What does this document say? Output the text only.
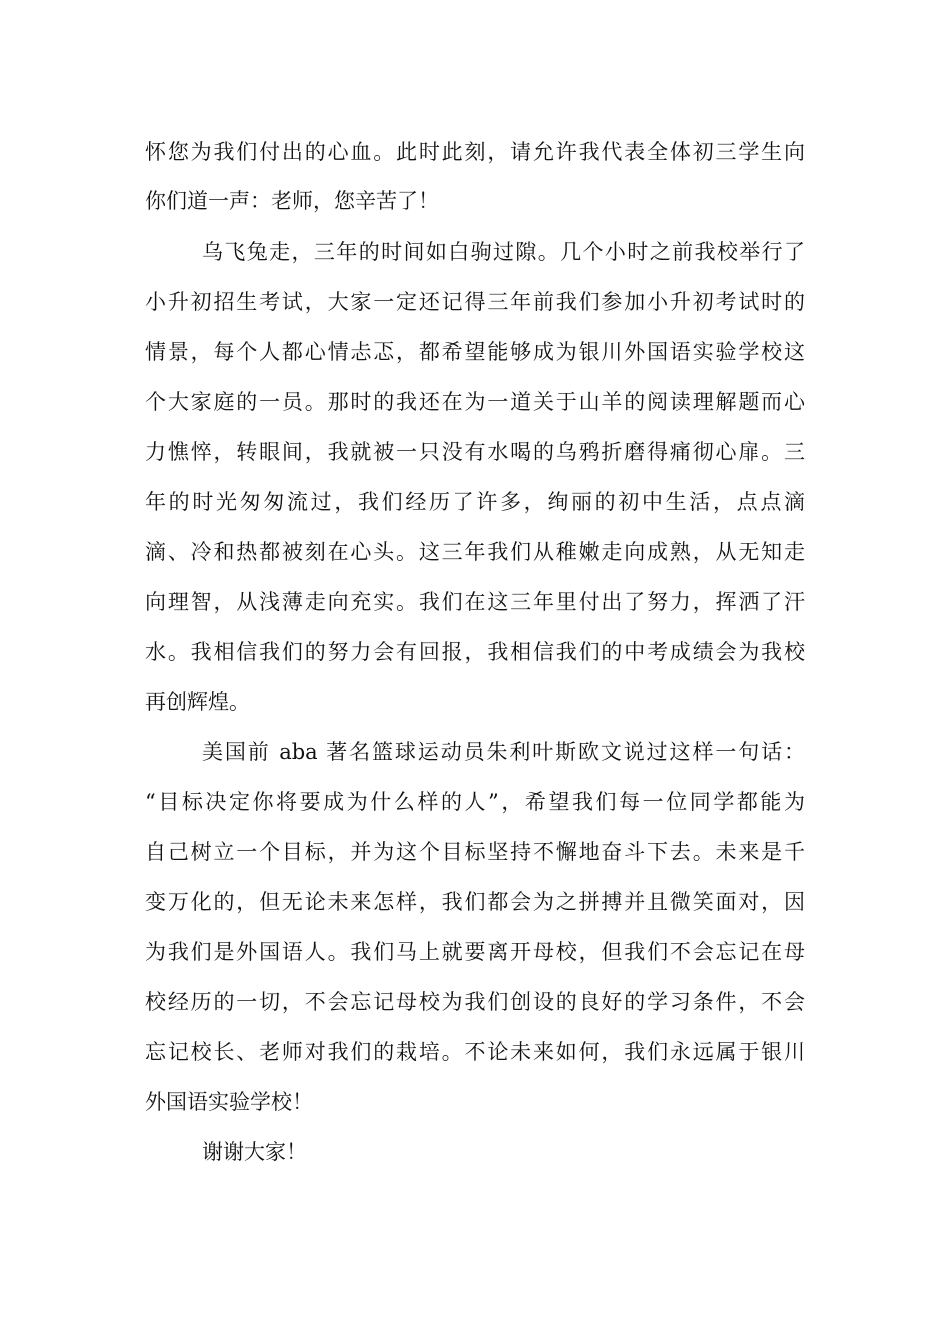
怀您为我们付出的心血。此时此刻，请允许我代表全体初三学生向
你们道一声：老师，您辛苦了！
乌飞兔走，三年的时间如白驹过隙。几个小时之前我校举行了
小升初招生考试，大家一定还记得三年前我们参加小升初考试时的
情景，每个人都心情忐忑，都希望能够成为银川外国语实验学校这
个大家庭的一员。那时的我还在为一道关于山羊的阅读理解题而心
力憔悴，转眼间，我就被一只没有水喝的乌鸦折磨得痛彻心扉。三
年的时光匆匆流过，我们经历了许多，绚丽的初中生活，点点滴
滴、冷和热都被刻在心头。这三年我们从稚嫩走向成熟，从无知走
向理智，从浅薄走向充实。我们在这三年里付出了努力，挥洒了汗
水。我相信我们的努力会有回报，我相信我们的中考成绩会为我校
再创辉煌。
美国前 aba 著名篮球运动员朱利叶斯欧文说过这样一句话：
“目标决定你将要成为什么样的人”，希望我们每一位同学都能为
自己树立一个目标，并为这个目标坚持不懈地奋斗下去。未来是千
变万化的，但无论未来怎样，我们都会为之拼搏并且微笑面对，因
为我们是外国语人。我们马上就要离开母校，但我们不会忘记在母
校经历的一切，不会忘记母校为我们创设的良好的学习条件，不会
忘记校长、老师对我们的栽培。不论未来如何，我们永远属于银川
外国语实验学校！
谢谢大家！
